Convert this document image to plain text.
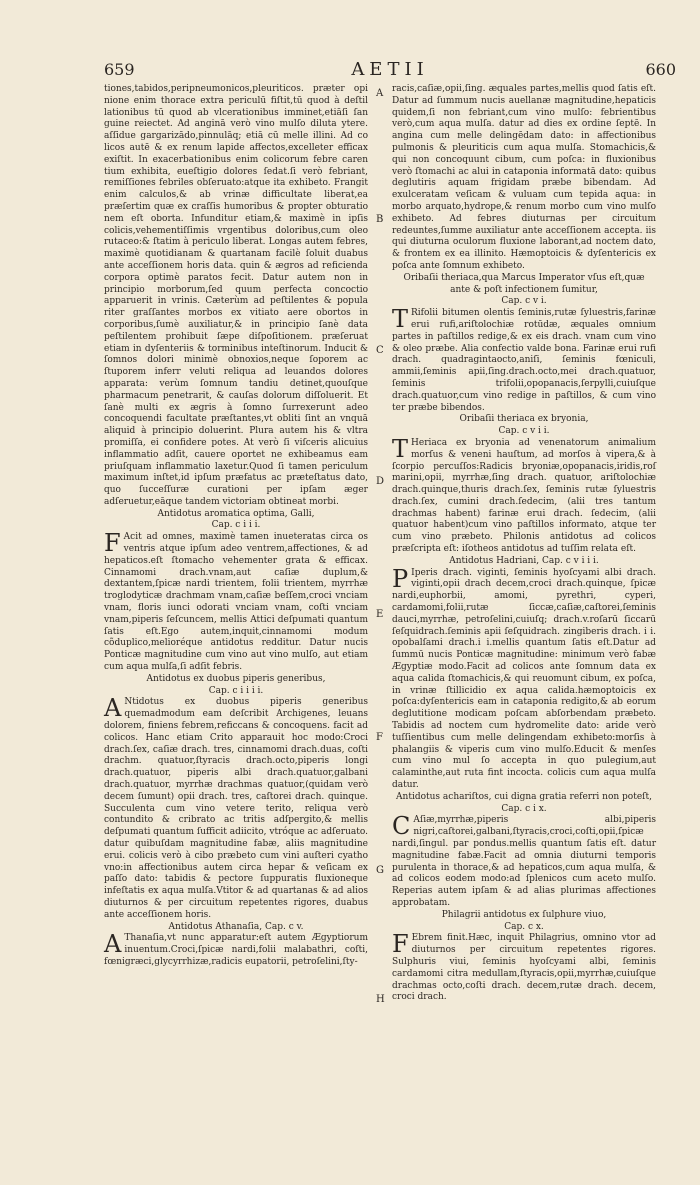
659	AETII	660
A
B
C
D
E
F
G
H

tiones,tabidos,peripneumonicos,pleuriticos. præter opi nione enim thorace extra periculū fiſtit,tū quod à deſtil lationibus tū quod ab vlcerationibus imminet,etiāſi ſan guine reiectet. Ad anginā verò vino mulſo diluta ytere. aſſidue gargarizādo,pinnulāq; etiā cū melle illini. Ad co licos autē & ex renum lapide affectos,excelleter efficax exiſtit. In exacerbationibus enim colicorum febre caren tium exhibita, eueſtigio dolores ſedat.ſi verò febriant, remiſſiones febriles obſeruato:atque ita exhibeto. Frangit enim calculos,& ab vrinæ difficultate liberat,ea præſertim quæ ex craſſis humoribus & propter obturatio nem eſt oborta. Infunditur etiam,& maximè in ipſis colicis,vehementiſſimis vrgentibus doloribus,cum oleo rutaceo:& ſtatim à periculo liberat. Longas autem febres, maximè quotidianam & quartanam facilè ſoluit duabus ante acceſſionem horis data. quin & ægros ad reficienda corpora optimè paratos fecit. Datur autem non in principio morborum,ſed quum perfecta concoctio apparuerit in vrinis. Cæterùm ad peſtilentes & popula riter graſſantes morbos ex vitiato aere obortos in corporibus,ſumè auxiliatur,& in principio ſanè data peſtilentem prohibuit ſæpe diſpoſitionem. præſeruat etiam in dyſenteriis & torminibus inteſtinorum. Inducit & ſomnos dolori minimè obnoxios,neque ſoporem ac ſtuporem inferr veluti reliqua ad leuandos dolores apparata: verùm ſomnum tandiu detinet,quouſque pharmacum penetrarit, & cauſas dolorum diſſoluerit. Et ſanè multi ex ægris à ſomno ſurrexerunt adeo concoquendi facultate præſtantes,vt obliti ſint an vnquā aliquid à principio doluerint. Plura autem his & vltra promiſſa, ei confidere potes. At verò ſi viſceris alicuius inflammatio adſit, cauere oportet ne exhibeamus eam priuſquam inflammatio laxetur.Quod ſi tamen periculum maximum inſtet,id ipſum præfatus ac præteſtatus dato, quo ſucceſſuræ curationi per ipſam æger adſeruetur,eāque tandem victoriam obtineat morbi.

Antidotus aromatica optima, Galli,

Cap. c i i i.

F Acit ad omnes, maximè tamen inueteratas circa os ventris atque ipſum adeo ventrem,affectiones, & ad hepaticos.eſt ſtomacho vehementer grata & efficax. Cinnamomi drach.vnam,aut caſiæ duplum,& dextantem,ſpicæ nardi trientem, folii trientem, myrrhæ troglodyticæ drachmam vnam,caſiæ beſſem,croci vnciam vnam, floris iunci odorati vnciam vnam, coſti vnciam vnam,piperis ſeſcuncem, mellis Attici deſpumati quantum ſatis eſt.Ego autem,inquit,cinnamomi modum cõduplico,melioréque antidotus redditur. Datur nucis Ponticæ magnitudine cum vino aut vino mulſo, aut etiam cum aqua mulſa,ſi adſit febris.

Antidotus ex duobus piperis generibus,

Cap. c i i i i.

A Ntidotus ex duobus piperis generibus quemadmodum eam deſcribit Archigenes, leuans dolorem, finiens febrem,reficcans & concoquens. facit ad colicos. Hanc etiam Crito apparauit hoc modo:Croci drach.ſex, caſiæ drach. tres, cinnamomi drach.duas, coſti drachm. quatuor,ſtyracis drach.octo,piperis longi drach.quatuor, piperis albi drach.quatuor,galbani drach.quatuor, myrrhæ drachmas quatuor,(quidam verò decem ſumunt) opii drach. tres, caſtorei drach. quinque. Succulenta cum vino vetere terito, reliqua verò contundito & cribrato ac tritis adſpergito,& mellis deſpumati quantum ſufficit adiicito, vtróque ac adſeruato. datur quibuſdam magnitudine fabæ, aliis magnitudine erui. colicis verò à cibo præbeto cum vini auſteri cyatho vno:in affectionibus autem circa hepar & veſicam ex paſſo dato: tabidis & pectore ſuppuratis fluxioneque infeſtatis ex aqua mulſa.Vtitor & ad quartanas & ad alios diuturnos & per circuitum repetentes rigores, duabus ante acceſſionem horis.

Antidotus Athanaſia, Cap. c v.

A Thanaſia,vt nunc apparatur:eſt autem Ægyptiorum inuentum.Croci,ſpicæ nardi,folii malabathri, coſti, fœnigræci,glycyrrhizæ,radicis eupatorii, petroſelini,ſty-

racis,caſiæ,opii,ſing. æquales partes,mellis quod ſatis eſt. Datur ad ſummum nucis auellanæ magnitudine,hepaticis quidem,ſi non febriant,cum vino mulſo: febrientibus verò,cum aqua mulſa. datur ad dies ex ordine ſeptē. In angina cum melle delingēdam dato: in affectionibus pulmonis & pleuriticis cum aqua mulſa. Stomachicis,& qui non concoquunt cibum, cum poſca: in fluxionibus verò ſtomachi ac alui in cataponia informatā dato: quibus deglutiris aquam frigidam præbe bibendam. Ad exulceratam veſicam & vuluam cum tepida aqua: in morbo arquato,hydrope,& renum morbo cum vino mulſo exhibeto. Ad febres diuturnas per circuitum redeuntes,ſumme auxiliatur ante acceſſionem accepta. iis qui diuturna oculorum fluxione laborant,ad noctem dato, & frontem ex ea illinito. Hæmoptoicis & dyſentericis ex poſca ante ſomnum exhibeto.

Oribaſii theriaca,qua Marcus Imperator vſus eſt,quæ ante & poſt infectionem ſumitur,

Cap. c v i.

T Rifolii bitumen olentis ſeminis,rutæ ſyluestris,farinæ erui rufi,ariſtolochiæ rotūdæ, æquales omnium partes in paſtillos redige,& ex eis drach. vnam cum vino & oleo præbe. Alia confectio valde bona. Farinæ erui rufi drach. quadragintaocto,aniſi, ſeminis fœniculi, ammii,ſeminis apii,ſing.drach.octo,mei drach.quatuor, ſeminis trifolii,opopanacis,ſerpylli,cuiuſque drach.quatuor,cum vino redige in paſtillos, & cum vino ter præbe bibendos.

Oribaſii theriaca ex bryonia,

Cap. c v i i.

T Heriaca ex bryonia ad venenatorum animalium morſus & veneni hauſtum, ad morſos à vipera,& à ſcorpio percuſſos:Radicis bryoniæ,opopanacis,iridis,roſ marini,opii, myrrhæ,ſing drach. quatuor, ariſtolochiæ drach.quinque,thuris drach.ſex, ſeminis rutæ ſyluestris drach.ſex, cumini drach.ſedecim, (alii tres tantum drachmas habent) farinæ erui drach. ſedecim, (alii quatuor habent)cum vino paſtillos informato, atque ter cum vino præbeto. Philonis antidotus ad colicos præſcripta eſt: iſotheos antidotus ad tuſſim relata eſt.

Antidotus Hadriani, Cap. c v i i i.

P Iperis drach. viginti, ſeminis hyoſcyami albi drach. viginti,opii drach decem,croci drach.quinque, ſpicæ nardi,euphorbii, amomi, pyrethri, cyperi, cardamomi,folii,rutæ ſiccæ,caſiæ,caſtorei,ſeminis dauci,myrrhæ, petroſelini,cuiuſq; drach.v.roſarū ſiccarū ſeſquidrach.ſeminis apii ſeſquidrach. zingiberis drach. i i. opobalſami drach.i i.mellis quantum ſatis eſt.Datur ad ſummū nucis Ponticæ magnitudine: minimum verò fabæ Ægyptiæ modo.Facit ad colicos ante ſomnum data ex aqua calida ſtomachicis,& qui reuomunt cibum, ex poſca, in vrinæ ſtillicidio ex aqua calida.hæmoptoicis ex poſca:dyſentericis eam in cataponia redigito,& ab eorum deglutitione modicam poſcam abſorbendam præbeto. Tabidis ad noctem cum hydromelite dato: aride verò tuſſientibus cum melle delingendam exhibeto:morſis à phalangiis & viperis cum vino mulſo.Educit & menſes cum vino mul ſo accepta in quo pulegium,aut calaminthe,aut ruta fint incocta. colicis cum aqua mulſa datur.

Antidotus achariſtos, cui digna gratia referri non poteſt, Cap. c i x.

C Aſiæ,myrrhæ,piperis albi,piperis nigri,caſtorei,galbani,ſtyracis,croci,coſti,opii,ſpicæ nardi,ſingul. par pondus.mellis quantum ſatis eſt. datur magnitudine fabæ.Facit ad omnia diuturni temporis purulenta in thorace,& ad hepaticos,cum aqua mulſa, & ad colicos eodem modo:ad ſplenicos cum aceto mulſo. Reperias autem ipſam & ad alias plurimas affectiones approbatam.

Philagrii antidotus ex ſulphure viuo,

Cap. c x.

F Ebrem finit.Hæc, inquit Philagrius, omnino vtor ad diuturnos per circuitum repetentes rigores. Sulphuris viui, ſeminis hyoſcyami albi, ſeminis cardamomi citra medullam,ſtyracis,opii,myrrhæ,cuiuſque drachmas octo,coſti drach. decem,rutæ drach. decem, croci drach.
